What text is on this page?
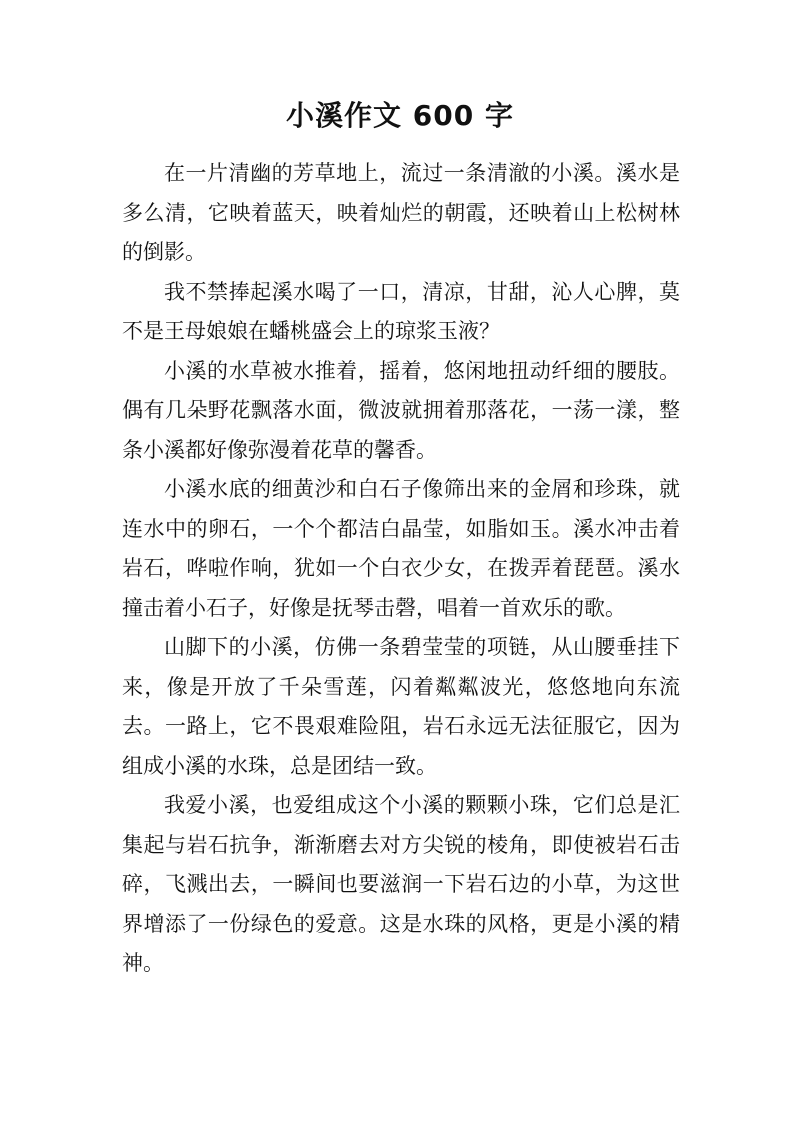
小溪作文 600 字

在一片清幽的芳草地上，流过一条清澈的小溪。溪水是多么清，它映着蓝天，映着灿烂的朝霞，还映着山上松树林的倒影。

我不禁捧起溪水喝了一口，清凉，甘甜，沁人心脾，莫不是王母娘娘在蟠桃盛会上的琼浆玉液？

小溪的水草被水推着，摇着，悠闲地扭动纤细的腰肢。偶有几朵野花飘落水面，微波就拥着那落花，一荡一漾，整条小溪都好像弥漫着花草的馨香。

小溪水底的细黄沙和白石子像筛出来的金屑和珍珠，就连水中的卵石，一个个都洁白晶莹，如脂如玉。溪水冲击着岩石，哗啦作响，犹如一个白衣少女，在拨弄着琵琶。溪水撞击着小石子，好像是抚琴击磬，唱着一首欢乐的歌。

山脚下的小溪，仿佛一条碧莹莹的项链，从山腰垂挂下来，像是开放了千朵雪莲，闪着粼粼波光，悠悠地向东流去。一路上，它不畏艰难险阻，岩石永远无法征服它，因为组成小溪的水珠，总是团结一致。

我爱小溪，也爱组成这个小溪的颗颗小珠，它们总是汇集起与岩石抗争，渐渐磨去对方尖锐的棱角，即使被岩石击碎，飞溅出去，一瞬间也要滋润一下岩石边的小草，为这世界增添了一份绿色的爱意。这是水珠的风格，更是小溪的精神。
